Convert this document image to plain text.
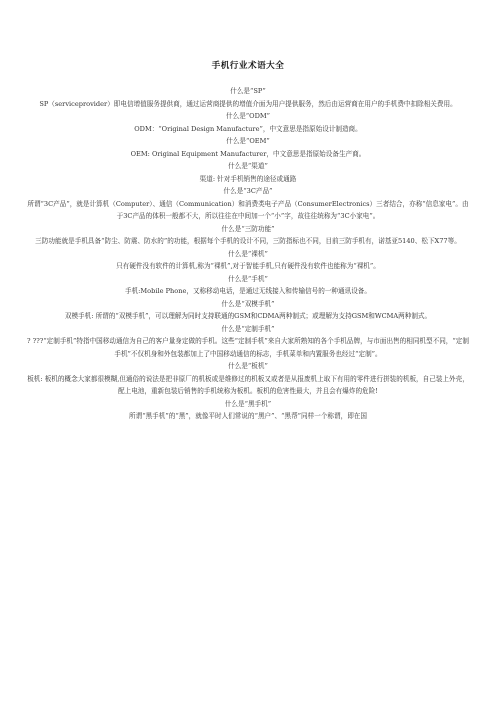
手机行业术语大全

什么是“SP”

SP（serviceprovider）即电信增值服务提供商，通过运营商提供的增值介面为用户提供服务，然后由运营商在用户的手机费中扣除相关费用。

什么是“ODM”

ODM：“Original Design Manufacture”，中文意思是指原始设计制造商。

什么是“OEM”

OEM: Original Equipment Manufacturer，中文意思是指原始设备生产商。

什么是“渠道”

渠道: 针对手机销售的途径或通路

什么是“3C产品”

所谓“3C产品”，就是计算机（Computer）、通信（Communication）和消费类电子产品（ConsumerElectronics）三者结合，亦称“信息家电”。由于3C产品的体积一般都不大，所以往往在中间加一个“小”字，故往往统称为“3C小家电”。

什么是“三防功能”

三防功能就是手机具备“防尘、防震、防水的”的功能，根据每个手机的设计不同，三防指标也不同，目前三防手机有，诺基亚5140、松下X77等。

什么是“裸机”

只有硬件没有软件的计算机,称为“裸机”,对于智能手机,只有硬件没有软件也能称为“裸机”。

什么是“手机”

手机:Mobile Phone，又称移动电话，是通过无线接入和传输信号的一种通讯设备。

什么是“双模手机”

双模手机: 所谓的“双模手机”，可以理解为同时支持联通的GSM和CDMA两种制式；或理解为支持GSM和WCMA两种制式。

什么是“定制手机”

? ???“定制手机”特指中国移动通信为自己的客户量身定做的手机。这些“定制手机”来自大家所熟知的各个手机品牌，与市面出售的相同机型不同，“定制手机”不仅机身和外包装都加上了中国移动通信的标志，手机菜单和内置服务也经过“定制”。

什么是“板机”

板机: 板机的概念大家都很模糊,但通俗的说法是把非原厂的机板或是维修过的机板又或者是从报废机上取下有用的零件进行拼装的机板，自己装上外壳，配上电池，重新包装后销售的手机统称为板机。板机的危害性最大，并且会有爆炸的危险!

什么是“黑手机”

所谓“黑手机”的“黑”，就像平时人们常说的“黑户”、“黑帮”同样一个称谓，即在国
